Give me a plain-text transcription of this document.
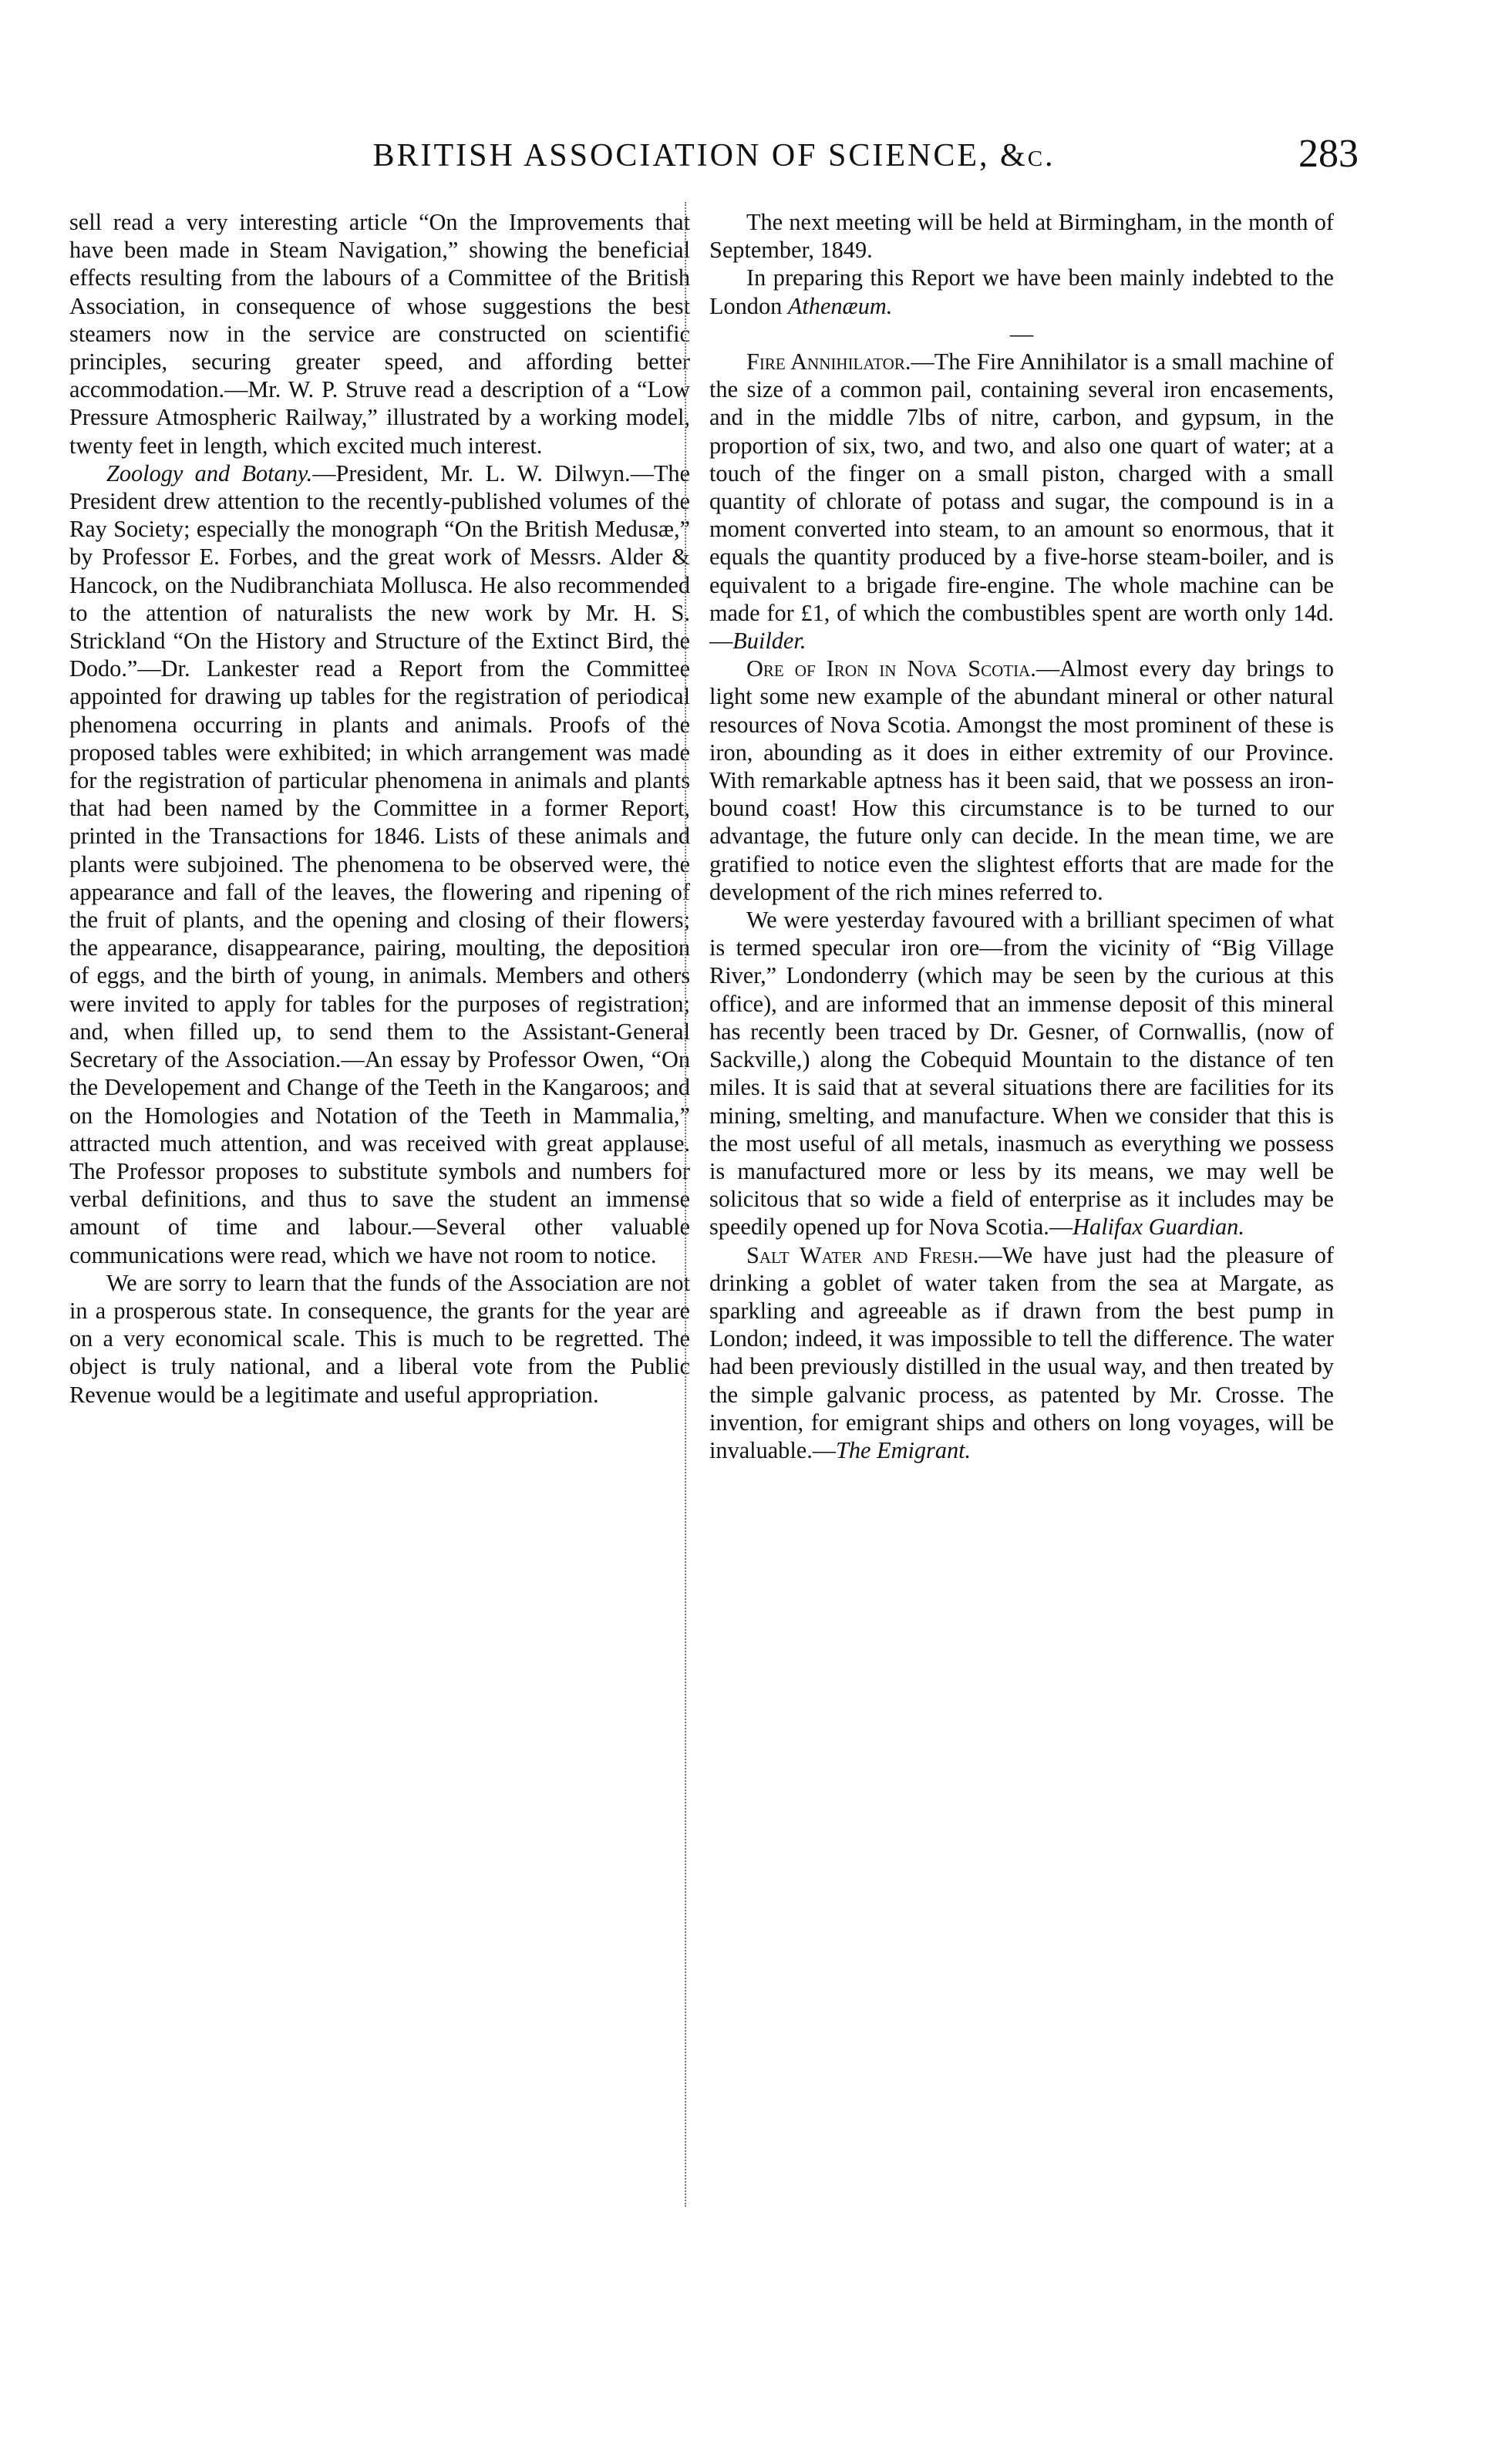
BRITISH ASSOCIATION OF SCIENCE, &c.	283

sell read a very interesting article “On the Improvements that have been made in Steam Navigation,” showing the beneficial effects resulting from the labours of a Committee of the British Association, in consequence of whose suggestions the best steamers now in the service are constructed on scientific principles, securing greater speed, and affording better accommodation.—Mr. W. P. Struve read a description of a “Low Pressure Atmospheric Railway,” illustrated by a working model, twenty feet in length, which excited much interest.

Zoology and Botany.—President, Mr. L. W. Dilwyn.—The President drew attention to the recently-published volumes of the Ray Society; especially the monograph “On the British Medusæ,” by Professor E. Forbes, and the great work of Messrs. Alder & Hancock, on the Nudibranchiata Mollusca. He also recommended to the attention of naturalists the new work by Mr. H. S. Strickland “On the History and Structure of the Extinct Bird, the Dodo.”—Dr. Lankester read a Report from the Committee appointed for drawing up tables for the registration of periodical phenomena occurring in plants and animals. Proofs of the proposed tables were exhibited; in which arrangement was made for the registration of particular phenomena in animals and plants that had been named by the Committee in a former Report, printed in the Transactions for 1846. Lists of these animals and plants were subjoined. The phenomena to be observed were, the appearance and fall of the leaves, the flowering and ripening of the fruit of plants, and the opening and closing of their flowers; the appearance, disappearance, pairing, moulting, the deposition of eggs, and the birth of young, in animals. Members and others were invited to apply for tables for the purposes of registration; and, when filled up, to send them to the Assistant-General Secretary of the Association.—An essay by Professor Owen, “On the Developement and Change of the Teeth in the Kangaroos; and on the Homologies and Notation of the Teeth in Mammalia,” attracted much attention, and was received with great applause. The Professor proposes to substitute symbols and numbers for verbal definitions, and thus to save the student an immense amount of time and labour.—Several other valuable communications were read, which we have not room to notice.

We are sorry to learn that the funds of the Association are not in a prosperous state. In consequence, the grants for the year are on a very economical scale. This is much to be regretted. The object is truly national, and a liberal vote from the Public Revenue would be a legitimate and useful appropriation.

The next meeting will be held at Birmingham, in the month of September, 1849.

In preparing this Report we have been mainly indebted to the London Athenæum.

—

Fire Annihilator.—The Fire Annihilator is a small machine of the size of a common pail, containing several iron encasements, and in the middle 7lbs of nitre, carbon, and gypsum, in the proportion of six, two, and two, and also one quart of water; at a touch of the finger on a small piston, charged with a small quantity of chlorate of potass and sugar, the compound is in a moment converted into steam, to an amount so enormous, that it equals the quantity produced by a five-horse steam-boiler, and is equivalent to a brigade fire-engine. The whole machine can be made for £1, of which the combustibles spent are worth only 14d.—Builder.

Ore of Iron in Nova Scotia.—Almost every day brings to light some new example of the abundant mineral or other natural resources of Nova Scotia. Amongst the most prominent of these is iron, abounding as it does in either extremity of our Province. With remarkable aptness has it been said, that we possess an iron-bound coast! How this circumstance is to be turned to our advantage, the future only can decide. In the mean time, we are gratified to notice even the slightest efforts that are made for the development of the rich mines referred to.

We were yesterday favoured with a brilliant specimen of what is termed specular iron ore—from the vicinity of “Big Village River,” Londonderry (which may be seen by the curious at this office), and are informed that an immense deposit of this mineral has recently been traced by Dr. Gesner, of Cornwallis, (now of Sackville,) along the Cobequid Mountain to the distance of ten miles. It is said that at several situations there are facilities for its mining, smelting, and manufacture. When we consider that this is the most useful of all metals, inasmuch as everything we possess is manufactured more or less by its means, we may well be solicitous that so wide a field of enterprise as it includes may be speedily opened up for Nova Scotia.—Halifax Guardian.

Salt Water and Fresh.—We have just had the pleasure of drinking a goblet of water taken from the sea at Margate, as sparkling and agreeable as if drawn from the best pump in London; indeed, it was impossible to tell the difference. The water had been previously distilled in the usual way, and then treated by the simple galvanic process, as patented by Mr. Crosse. The invention, for emigrant ships and others on long voyages, will be invaluable.—The Emigrant.
